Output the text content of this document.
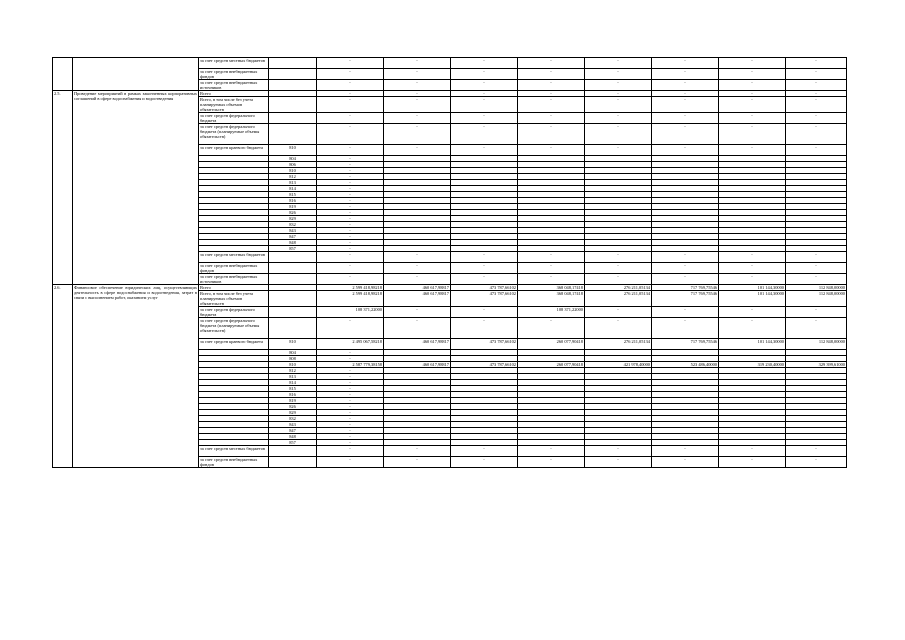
		за счет средств местных бюджетов		-	-	-	-	-	-	-	-
		за счет средств внебюджетных фондов		-	-	-	-	-	-	-	-
		за счет средств внебюджетных источников		-	-	-	-	-	-	-	-
2.5.	Проведение мероприятий в рамках законченных корпоративных соглашений в сфере водоснабжения и водоотведения	Всего		-	-	-	-	-	-	-	-
		Всего, в том числе без учета планируемых объемов обязательств		-	-	-	-	-	-	-	-
		за счет средств федерального бюджета		-	-	-	-	-	-	-	-
		за счет средств федерального бюджета (планируемые объемы обязательств)		-	-	-	-	-	-	-	-
		за счет средств краевого бюджета	810	-	-	-	-	-	-	-	-
			804	-							
			806	-							
			810	-							
			812	-							
			813	-							
			814	-							
			815	-							
			816	-							
			819	-							
			826	-							
			829	-							
			832	-							
			843	-							
			847	-							
			848	-							
			857	-							
		за счет средств местных бюджетов		-	-	-	-	-	-	-	-
		за счет средств внебюджетных фондов		-	-	-	-	-	-	-	-
		за счет средств внебюджетных источников		-	-	-	-	-	-	-	-
2.6.	Финансовое обеспечение юридических лиц, осуществляющих деятельность в сфере водоснабжения и водоотведения, затрат в связи с выполнением работ, оказанием услуг	Всего		2 599 418,98218	460 617,98817	473 787,66102	368 048,17418	276 211,05134	717 769,75546	101 144,30000	112 848,00000
		Всего, в том числе без учета планируемых объемов обязательств		2 599 418,98218	460 617,98817	473 787,66102	368 048,17418	276 211,05134	717 769,75546	101 144,30000	112 848,00000
		за счет средств федерального бюджета		108 371,22000	-	-	108 371,22000	-	-	-	-
		за счет средств федерального бюджета (планируемые объемы обязательств)		-	-	-	-	-	-	-	-
		за счет средств краевого бюджета	810	2 495 067,58218	460 617,98817	473 787,66102	260 077,90418	276 211,05134	717 769,75546	101 144,30000	112 848,00000
			804	-							
			808	-							
			810	2 587 779,38158	460 617,98817	473 787,66102	260 077,90418	421 978,40000	523 486,40000	319 230,40000	329 399,61000
			812	-							
			813	-							
			814	-							
			815	-							
			816	-							
			819	-							
			826	-							
			829	-							
			832	-							
			843	-							
			847	-							
			848	-							
			857	-							
		за счет средств местных бюджетов		-	-	-	-	-	-	-	-
		за счет средств внебюджетных фондов		-	-	-	-	-	-	-	-
